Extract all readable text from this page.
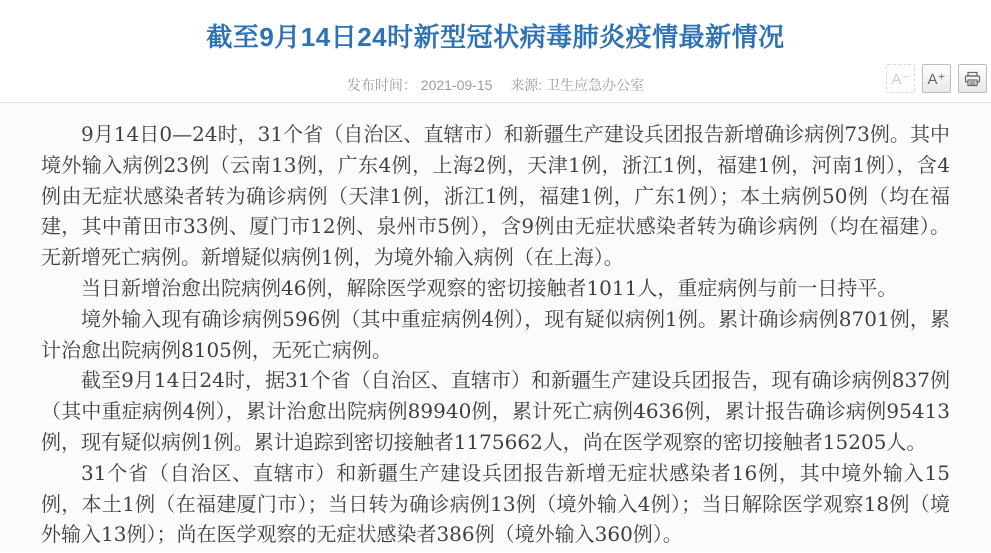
截至9月14日24时新型冠状病毒肺炎疫情最新情况
发布时间： 2021-09-15 来源: 卫生应急办公室	A⁻	A⁺

9月14日0—24时，31个省（自治区、直辖市）和新疆生产建设兵团报告新增确诊病例73例。其中境外输入病例23例（云南13例，广东4例，上海2例，天津1例，浙江1例，福建1例，河南1例），含4例由无症状感染者转为确诊病例（天津1例，浙江1例，福建1例，广东1例）；本土病例50例（均在福建，其中莆田市33例、厦门市12例、泉州市5例），含9例由无症状感染者转为确诊病例（均在福建）。无新增死亡病例。新增疑似病例1例，为境外输入病例（在上海）。

当日新增治愈出院病例46例，解除医学观察的密切接触者1011人，重症病例与前一日持平。

境外输入现有确诊病例596例（其中重症病例4例），现有疑似病例1例。累计确诊病例8701例，累计治愈出院病例8105例，无死亡病例。

截至9月14日24时，据31个省（自治区、直辖市）和新疆生产建设兵团报告，现有确诊病例837例（其中重症病例4例），累计治愈出院病例89940例，累计死亡病例4636例，累计报告确诊病例95413例，现有疑似病例1例。累计追踪到密切接触者1175662人，尚在医学观察的密切接触者15205人。

31个省（自治区、直辖市）和新疆生产建设兵团报告新增无症状感染者16例，其中境外输入15例，本土1例（在福建厦门市）；当日转为确诊病例13例（境外输入4例）；当日解除医学观察18例（境外输入13例）；尚在医学观察的无症状感染者386例（境外输入360例）。
